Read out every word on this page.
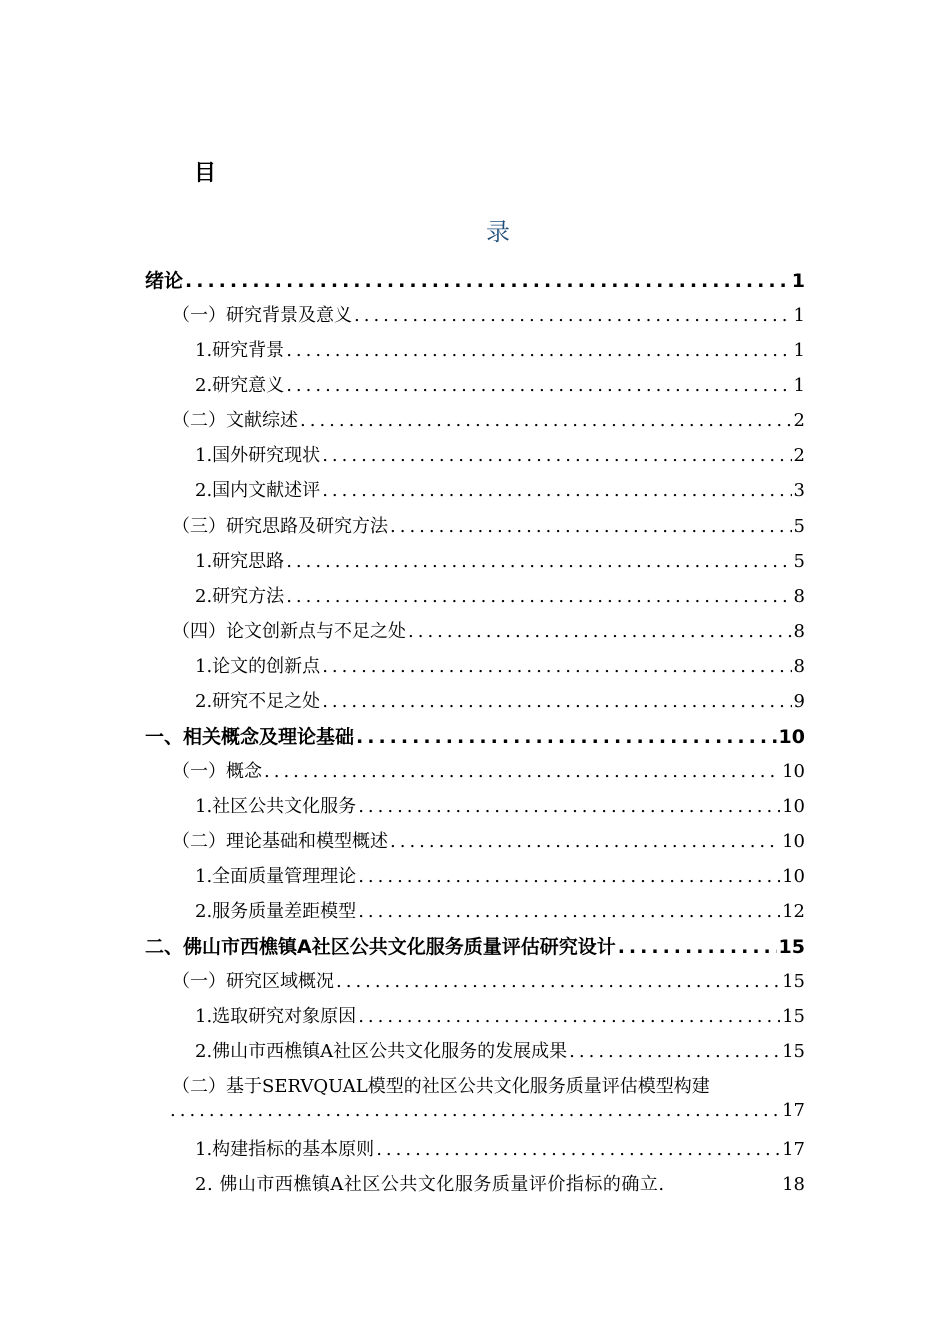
目
录
绪论 .....	1
（一）研究背景及意义 .....	1
1.研究背景 .....	1
2.研究意义 .....	1
（二）文献综述 .....	2
1.国外研究现状 .....	2
2.国内文献述评 .....	3
（三）研究思路及研究方法 .....	5
1.研究思路 .....	5
2.研究方法 .....	8
（四）论文创新点与不足之处 .....	8
1.论文的创新点 .....	8
2.研究不足之处 .....	9
一、相关概念及理论基础 .....	10
（一）概念 .....	10
1.社区公共文化服务 .....	10
（二）理论基础和模型概述 .....	10
1.全面质量管理理论 .....	10
2.服务质量差距模型 .....	12
二、佛山市西樵镇A社区公共文化服务质量评估研究设计 .....	15
（一）研究区域概况 .....	15
1.选取研究对象原因 .....	15
2.佛山市西樵镇A社区公共文化服务的发展成果 .....	15
（二）基于SERVQUAL模型的社区公共文化服务质量评估模型构建
.....
17
1.构建指标的基本原则 .....	17
2. 佛山市西樵镇A社区公共文化服务质量评价指标的确立.	18
